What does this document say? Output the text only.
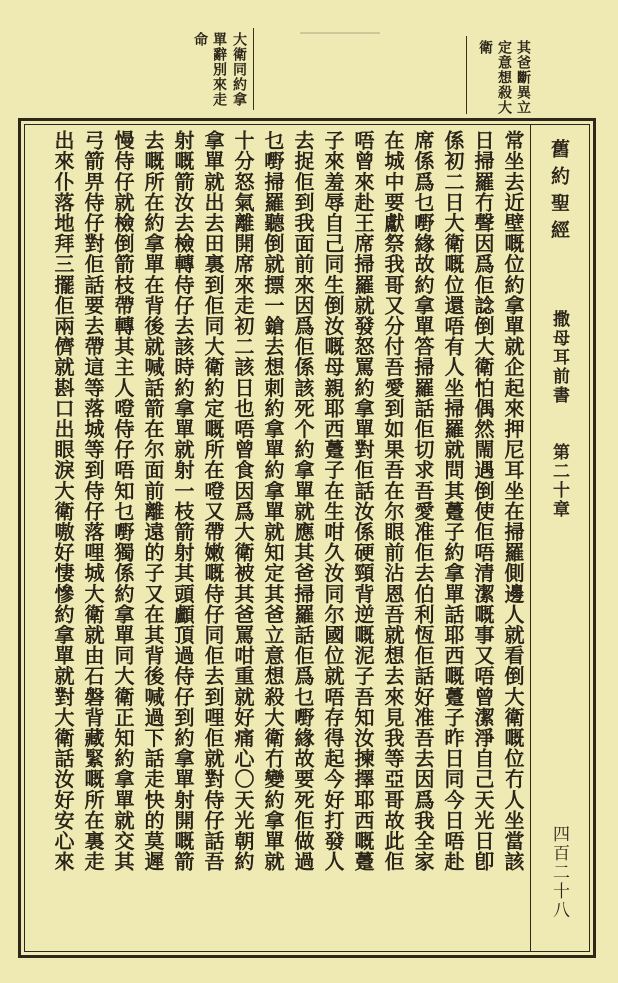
其爸斷異立
定意想殺大
衛
大衛同約拿
單辭別來走
命
舊約聖經
撒母耳前書
第二十章
四百二十八
常坐去近壁嘅位約拿單就企起來押尼耳坐在掃羅側邊人就看倒大衛嘅位冇人坐當該
日掃羅冇聲因爲佢諗倒大衛怕偶然閙遇倒使佢唔清潔嘅事又唔曾潔淨自己天光日卽
係初二日大衛嘅位還唔有人坐掃羅就問其躉子約拿單話耶西嘅躉子昨日同今日唔赴
席係爲乜嘢緣故約拿單答掃羅話佢切求吾愛准佢去伯利恆佢話好准吾去因爲我全家
在城中要獻祭我哥又分付吾愛到如果吾在尔眼前沾恩吾就想去來見我等亞哥故此佢
唔曾來赴王席掃羅就發怒罵約拿單對佢話汝係硬頸背逆嘅泥子吾知汝揀擇耶西嘅躉
子來羞辱自己同生倒汝嘅母親耶西躉子在生咁久汝同尔國位就唔存得起今好打發人
去捉佢到我面前來因爲佢係該死个約拿單就應其爸掃羅話佢爲乜嘢緣故要死佢做過
乜嘢掃羅聽倒就摽一鎗去想刺約拿單約拿單就知定其爸立意想殺大衛冇變約拿單就
十分怒氣離開席來走初二該日也唔曾食因爲大衛被其爸罵咁重就好痛心〇天光朝約
拿單就出去田裏到佢同大衛約定嘅所在噔又帶嫩嘅侍仔同佢去到哩佢就對侍仔話吾
射嘅箭汝去檢轉侍仔去該時約拿單就射一枝箭射其頭顱頂過侍仔到約拿單射開嘅箭
去嘅所在約拿單在背後就喊話箭在尔面前離遠的子又在其背後喊過下話走快的莫遲
慢侍仔就檢倒箭枝帶轉其主人噔侍仔唔知乜嘢獨係約拿單同大衛正知約拿單就交其
弓箭畀侍仔對佢話要去帶這等落城等到侍仔落哩城大衛就由石磐背藏緊嘅所在裏走
出來仆落地拜三擺佢兩儕就斟口出眼淚大衛嗷好悽慘約拿單就對大衛話汝好安心來
